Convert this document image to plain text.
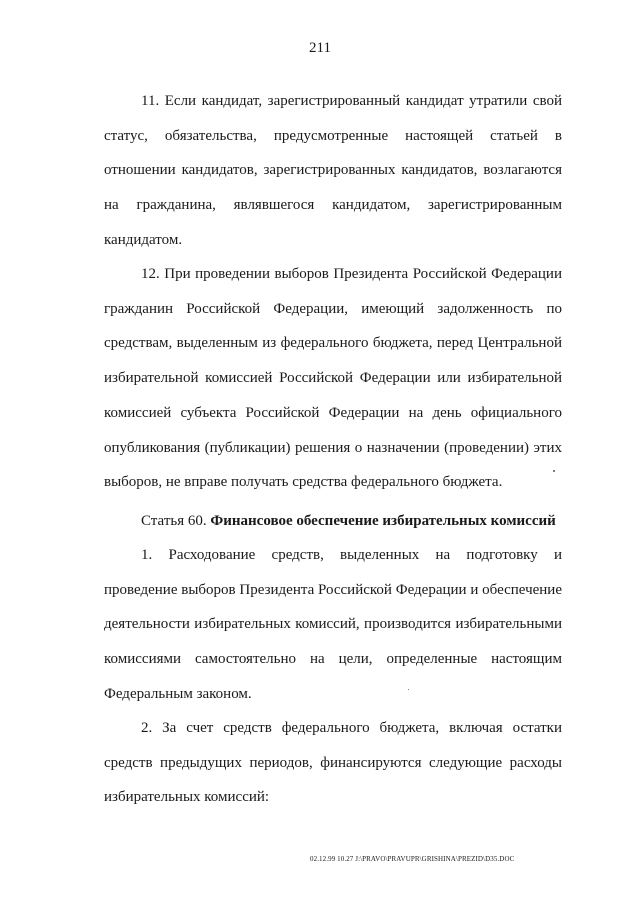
211

11. Если кандидат, зарегистрированный кандидат утратили свой статус, обязательства, предусмотренные настоящей статьей в отношении кандидатов, зарегистрированных кандидатов, возлагаются на гражданина, являвшегося кандидатом, зарегистрированным кандидатом.

12. При проведении выборов Президента Российской Федерации гражданин Российской Федерации, имеющий задолженность по средствам, выделенным из федерального бюджета, перед Центральной избирательной комиссией Российской Федерации или избирательной комиссией субъекта Российской Федерации на день официального опубликования (публикации) решения о назначении (проведении) этих выборов, не вправе получать средства федерального бюджета.

Статья 60. Финансовое обеспечение избирательных комиссий

1. Расходование средств, выделенных на подготовку и проведение выборов Президента Российской Федерации и обеспечение деятельности избирательных комиссий, производится избирательными комиссиями самостоятельно на цели, определенные настоящим Федеральным законом.

2. За счет средств федерального бюджета, включая остатки средств предыдущих периодов, финансируются следующие расходы избирательных комиссий:

02.12.99 10.27 J:\PRAVO\PRAVUPR\GRISHINA\PREZID\D35.DOC
